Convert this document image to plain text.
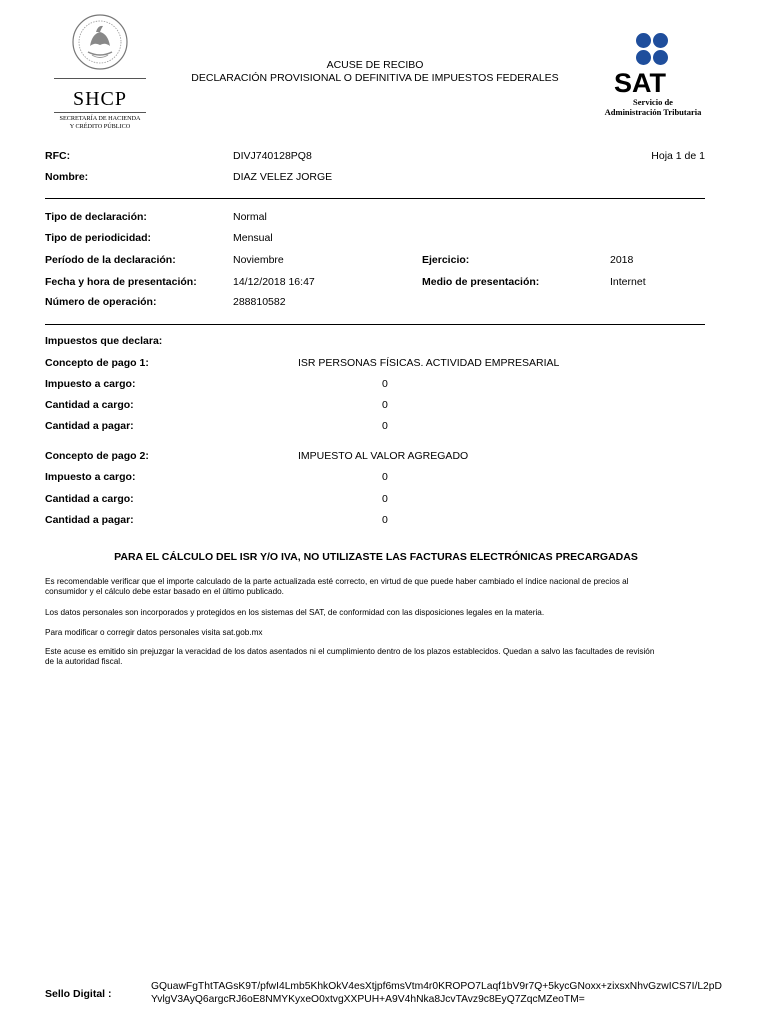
SHCP
SECRETARÍA DE HACIENDA
Y CRÉDITO PÚBLICO
ACUSE DE RECIBO
DECLARACIÓN PROVISIONAL O DEFINITIVA DE IMPUESTOS FEDERALES	SAT
Servicio de
Administración Tributaria
RFC:	DIVJ740128PQ8	Hoja 1 de 1
Nombre:	DIAZ VELEZ JORGE
Tipo de declaración:	Normal
Tipo de periodicidad:	Mensual
Período de la declaración:	Noviembre	Ejercicio:	2018
Fecha y hora de presentación:	14/12/2018 16:47	Medio de presentación:	Internet
Número de operación:	288810582
Impuestos que declara:
Concepto de pago 1:	ISR PERSONAS FÍSICAS. ACTIVIDAD EMPRESARIAL
Impuesto a cargo:	0
Cantidad a cargo:	0
Cantidad a pagar:	0
Concepto de pago 2:	IMPUESTO AL VALOR AGREGADO
Impuesto a cargo:	0
Cantidad a cargo:	0
Cantidad a pagar:	0
PARA EL CÁLCULO DEL ISR Y/O IVA, NO UTILIZASTE LAS FACTURAS ELECTRÓNICAS PRECARGADAS
Es recomendable verificar que el importe calculado de la parte actualizada esté correcto, en virtud de que puede haber cambiado el índice nacional de precios al
consumidor y el cálculo debe estar basado en el último publicado.
Los datos personales son incorporados y protegidos en los sistemas del SAT, de conformidad con las disposiciones legales en la materia.
Para modificar o corregir datos personales visita sat.gob.mx
Este acuse es emitido sin prejuzgar la veracidad de los datos asentados ni el cumplimiento dentro de los plazos establecidos. Quedan a salvo las facultades de revisión
de la autoridad fiscal.
Sello Digital :
GQuawFgThtTAGsK9T/pfwI4Lmb5KhkOkV4esXtjpf6msVtm4r0KROPO7Laqf1bV9r7Q+5kycGNoxx+zixsxNhvGzwICS7I/L2pD
YvlgV3AyQ6argcRJ6oE8NMYKyxeO0xtvgXXPUH+A9V4hNka8JcvTAvz9c8EyQ7ZqcMZeoTM=
